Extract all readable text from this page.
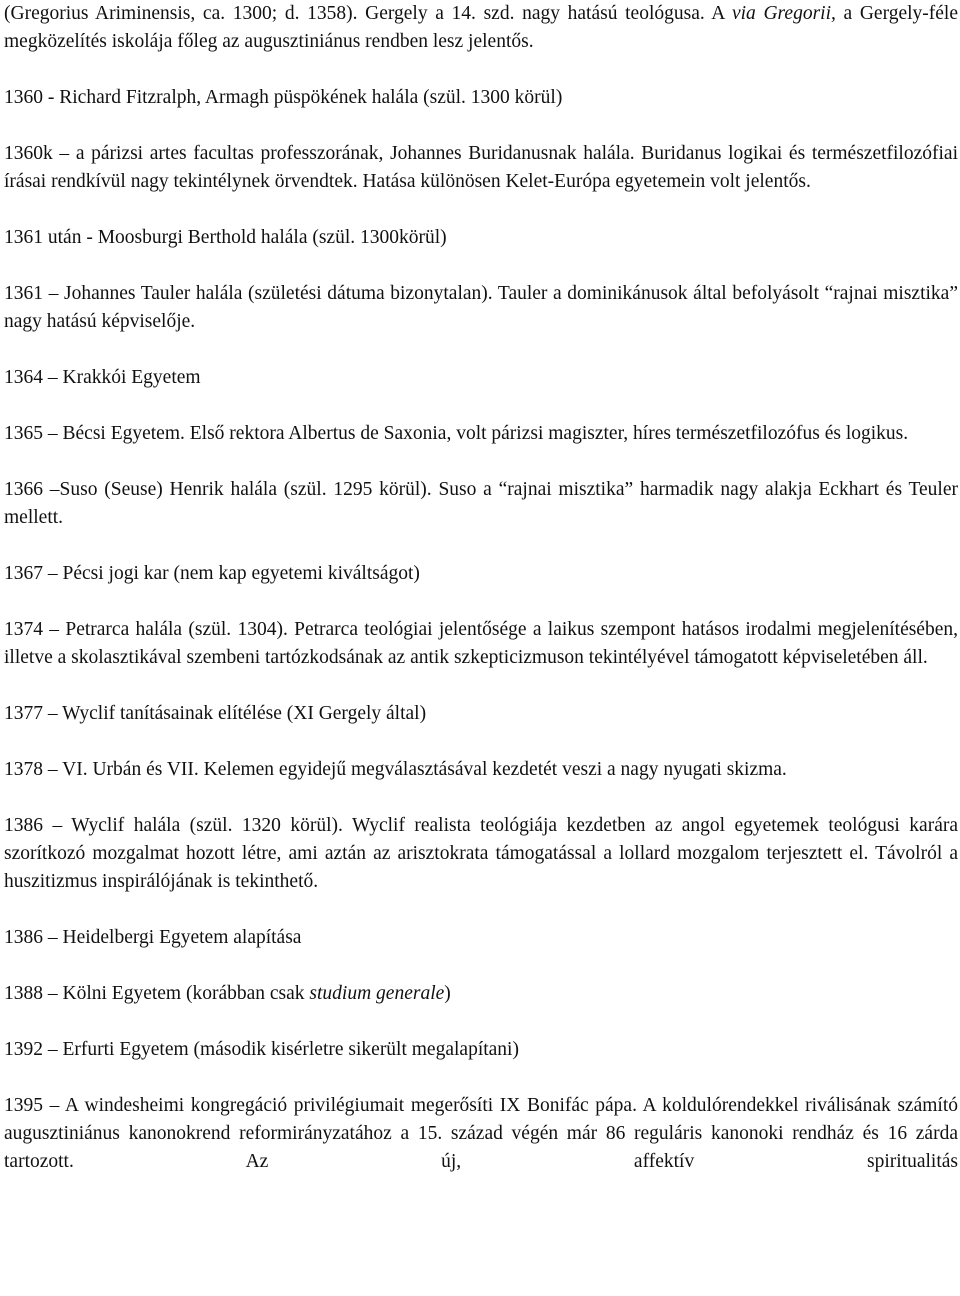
(Gregorius Ariminensis, ca. 1300; d. 1358). Gergely a 14. szd. nagy hatású teológusa. A via Gregorii, a Gergely-féle megközelítés iskolája főleg az augusztiniánus rendben lesz jelentős.

1360 - Richard Fitzralph, Armagh püspökének halála (szül. 1300 körül)

1360k – a párizsi artes facultas professzorának, Johannes Buridanusnak halála. Buridanus logikai és természetfilozófiai írásai rendkívül nagy tekintélynek örvendtek. Hatása különösen Kelet-Európa egyetemein volt jelentős.

1361 után - Moosburgi Berthold halála (szül. 1300körül)

1361 – Johannes Tauler halála (születési dátuma bizonytalan). Tauler a dominikánusok által befolyásolt “rajnai misztika” nagy hatású képviselője.

1364 – Krakkói Egyetem

1365 – Bécsi Egyetem. Első rektora Albertus de Saxonia, volt párizsi magiszter, híres természetfilozófus és logikus.

1366 –Suso (Seuse) Henrik halála (szül. 1295 körül). Suso a “rajnai misztika” harmadik nagy alakja Eckhart és Teuler mellett.

1367 – Pécsi jogi kar (nem kap egyetemi kiváltságot)

1374 – Petrarca halála (szül. 1304). Petrarca teológiai jelentősége a laikus szempont hatásos irodalmi megjelenítésében, illetve a skolasztikával szembeni tartózkodsának az antik szkepticizmuson tekintélyével támogatott képviseletében áll.

1377 – Wyclif tanításainak elítélése (XI Gergely által)

1378 – VI. Urbán és VII. Kelemen egyidejű megválasztásával kezdetét veszi a nagy nyugati skizma.

1386 – Wyclif halála (szül. 1320 körül). Wyclif realista teológiája kezdetben az angol egyetemek teológusi karára szorítkozó mozgalmat hozott létre, ami aztán az arisztokrata támogatással a lollard mozgalom terjesztett el. Távolról a huszitizmus inspirálójának is tekinthető.

1386 – Heidelbergi Egyetem alapítása

1388 – Kölni Egyetem (korábban csak studium generale)

1392 – Erfurti Egyetem (második kisérletre sikerült megalapítani)

1395 – A windesheimi kongregáció privilégiumait megerősíti IX Bonifác pápa. A koldulórendekkel riválisának számító augusztiniánus kanonokrend reformirányzatához a 15. század végén már 86 reguláris kanonoki rendház és 16 zárda tartozott. Az új, affektív spiritualitás
